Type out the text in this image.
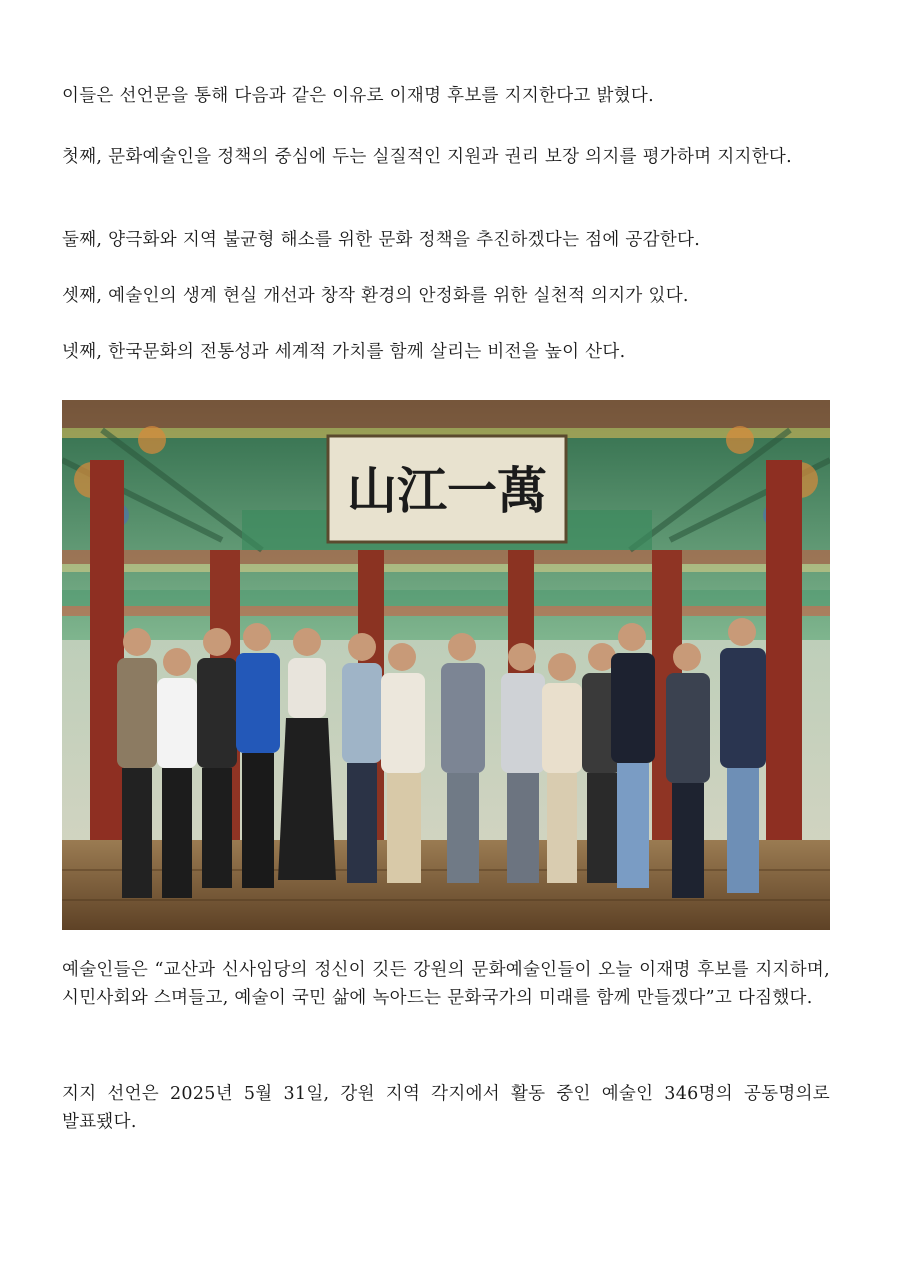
이들은 선언문을 통해 다음과 같은 이유로 이재명 후보를 지지한다고 밝혔다.

첫째, 문화예술인을 정책의 중심에 두는 실질적인 지원과 권리 보장 의지를 평가하며 지지한다.

둘째, 양극화와 지역 불균형 해소를 위한 문화 정책을 추진하겠다는 점에 공감한다.

셋째, 예술인의 생계 현실 개선과 창작 환경의 안정화를 위한 실천적 의지가 있다.

넷째, 한국문화의 전통성과 세계적 가치를 함께 살리는 비전을 높이 산다.

山江一萬

예술인들은 “교산과 신사임당의 정신이 깃든 강원의 문화예술인들이 오늘 이재명 후보를 지지하며, 시민사회와 스며들고, 예술이 국민 삶에 녹아드는 문화국가의 미래를 함께 만들겠다”고 다짐했다.

지지 선언은 2025년 5월 31일, 강원 지역 각지에서 활동 중인 예술인 346명의 공동명의로 발표됐다.
